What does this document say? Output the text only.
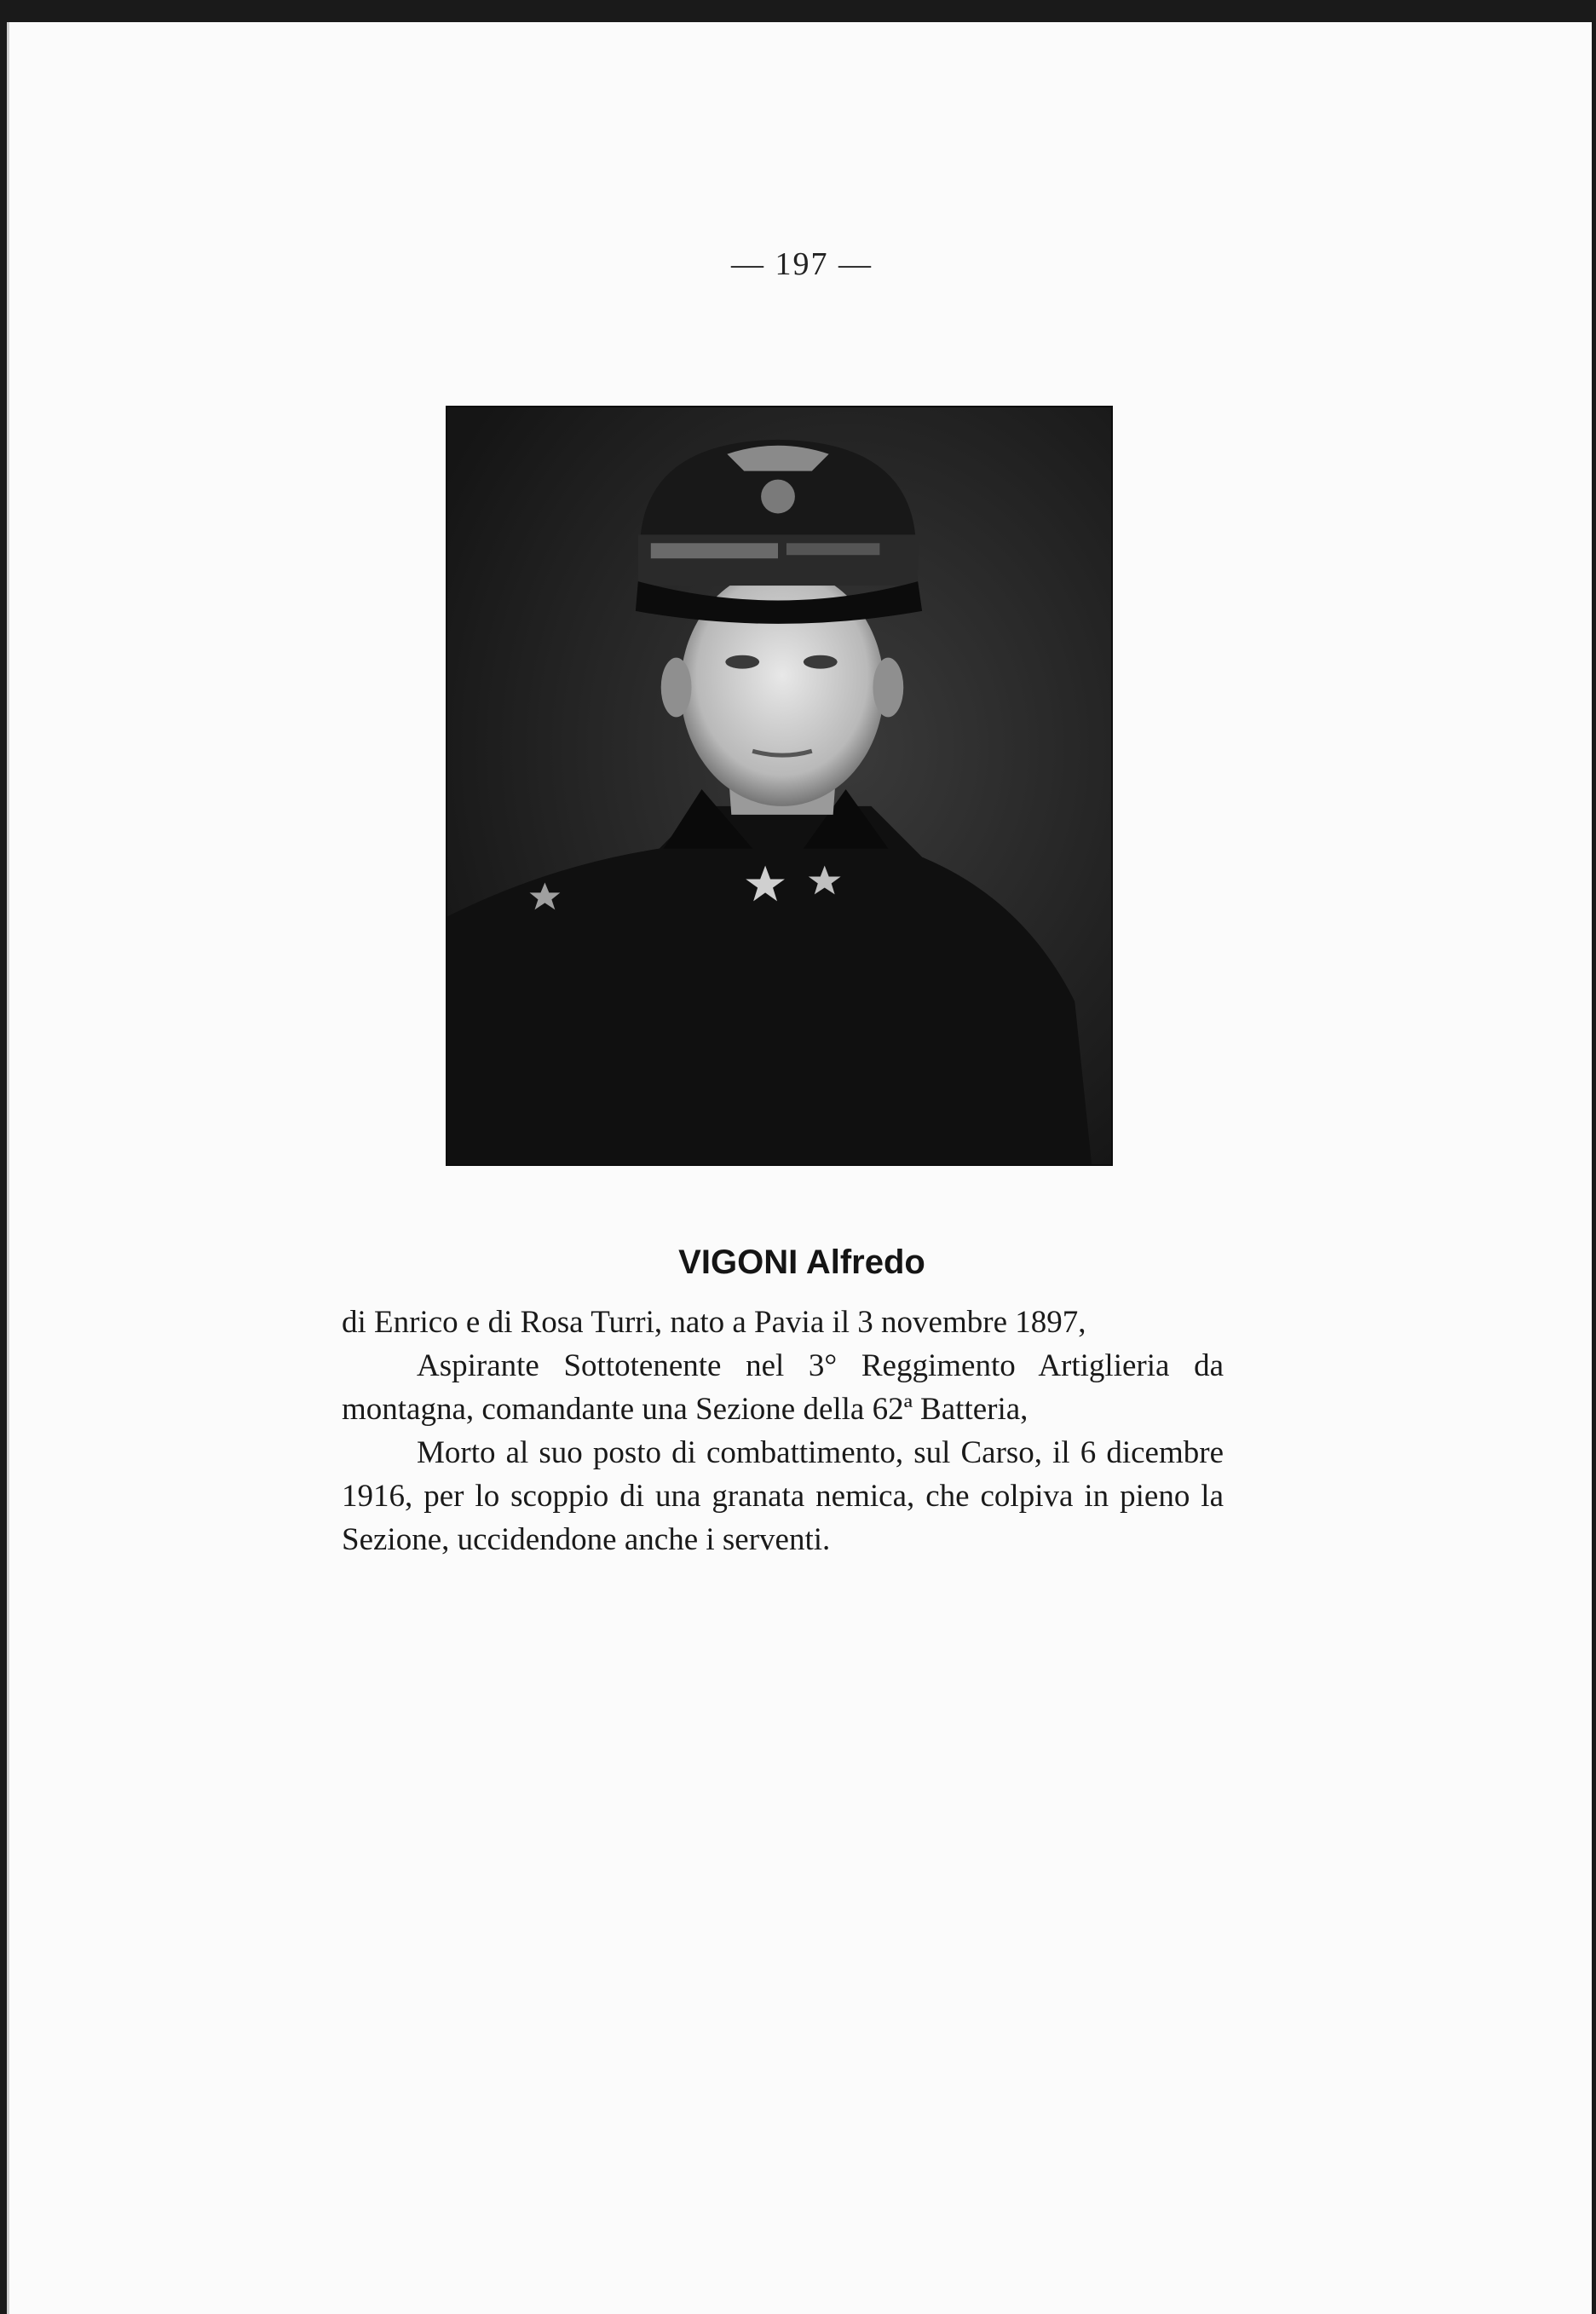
— 197 —
VIGONI Alfredo

di Enrico e di Rosa Turri, nato a Pavia il 3 novembre 1897,

Aspirante Sottotenente nel 3° Reggimento Artiglieria da montagna, comandante una Sezione della 62ª Batteria,

Morto al suo posto di combattimento, sul Carso, il 6 dicembre 1916, per lo scoppio di una granata nemica, che colpiva in pieno la Sezione, uccidendone anche i serventi.
